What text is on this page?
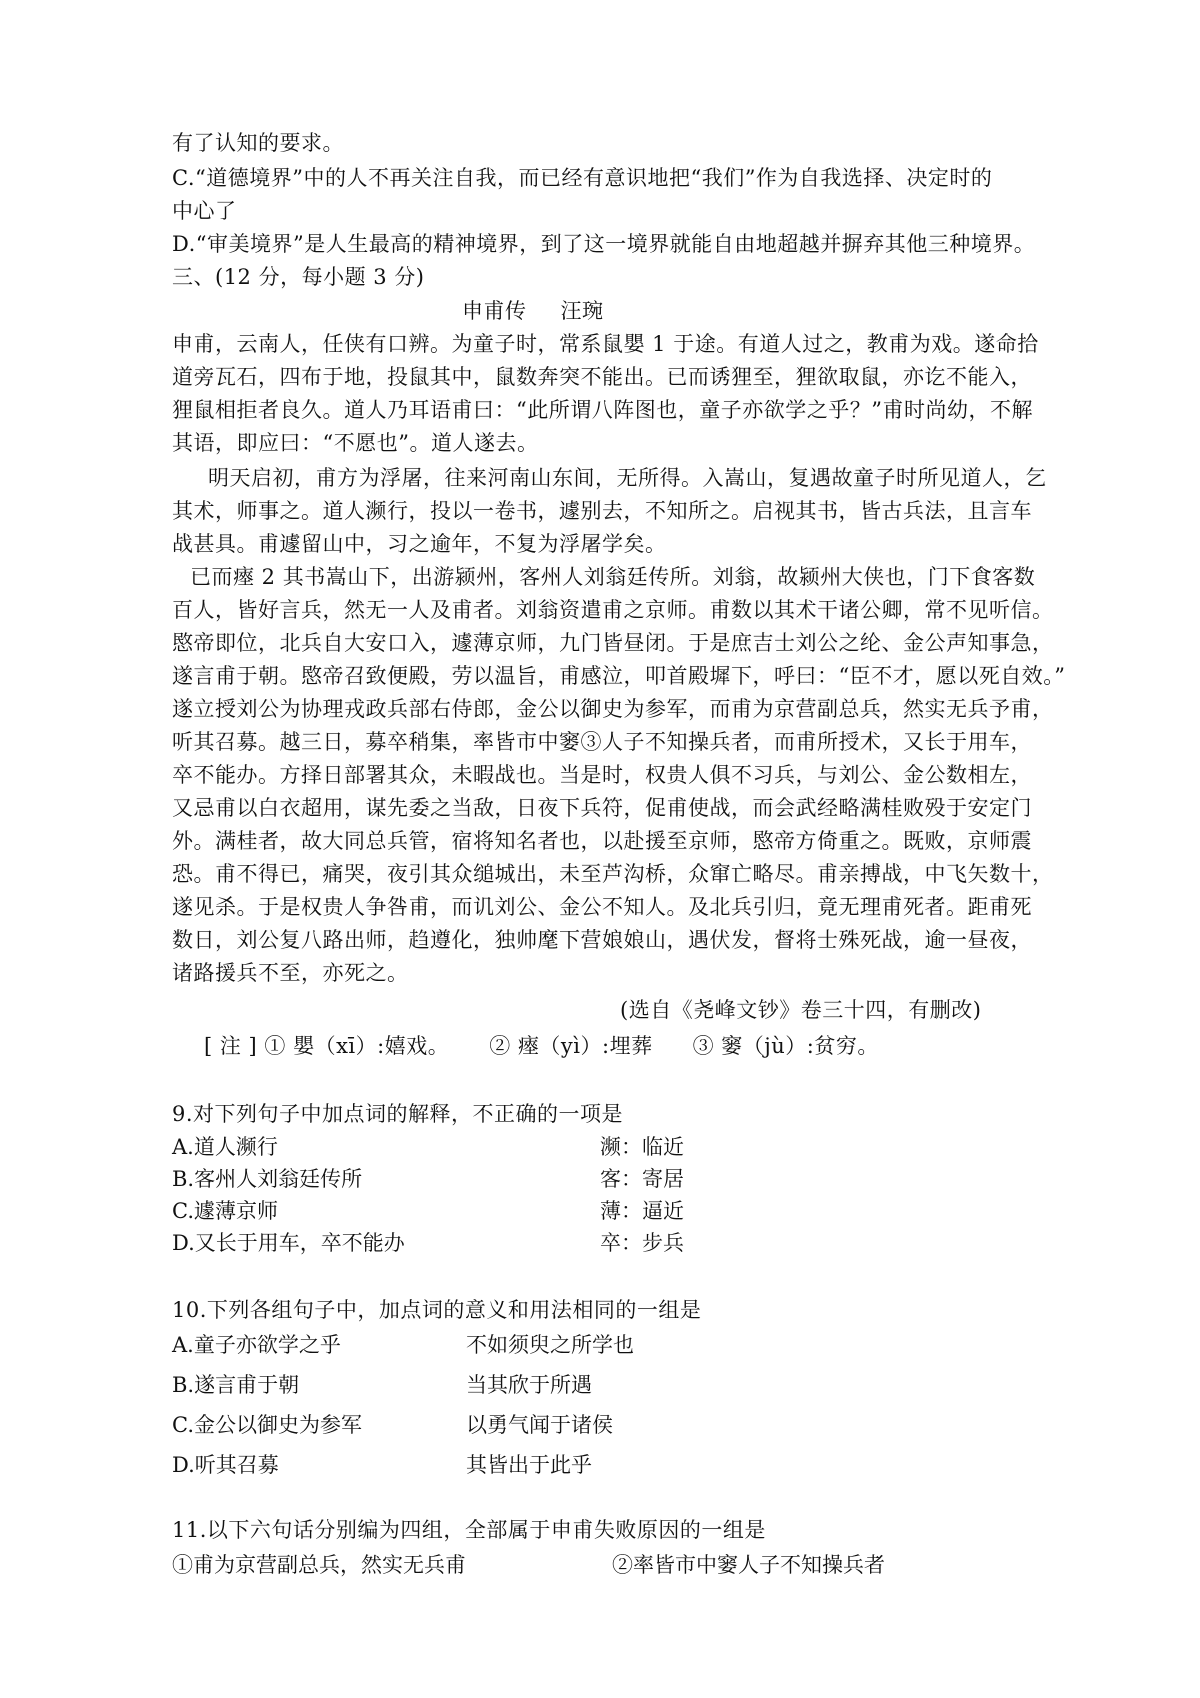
有了认知的要求。
C.“道德境界”中的人不再关注自我，而已经有意识地把“我们”作为自我选择、决定时的
中心了
D.“审美境界”是人生最高的精神境界，到了这一境界就能自由地超越并摒弃其他三种境界。
三、(12 分，每小题 3 分)
申甫传 汪琬
申甫，云南人，任侠有口辨。为童子时，常系鼠嬰 1 于途。有道人过之，教甫为戏。遂命拾
道旁瓦石，四布于地，投鼠其中，鼠数奔突不能出。已而诱狸至，狸欲取鼠，亦讫不能入，
狸鼠相拒者良久。道人乃耳语甫曰：“此所谓八阵图也，童子亦欲学之乎？”甫时尚幼，不解
其语，即应曰：“不愿也”。道人遂去。
明天启初，甫方为浮屠，往来河南山东间，无所得。入嵩山，复遇故童子时所见道人，乞
其术，师事之。道人濒行，投以一卷书，遽别去，不知所之。启视其书，皆古兵法，且言车
战甚具。甫遽留山中，习之逾年，不复为浮屠学矣。
已而瘞 2 其书嵩山下，出游颍州，客州人刘翁廷传所。刘翁，故颍州大侠也，门下食客数
百人，皆好言兵，然无一人及甫者。刘翁资遣甫之京师。甫数以其术干诸公卿，常不见听信。
愍帝即位，北兵自大安口入，遽薄京师，九门皆昼闭。于是庶吉士刘公之纶、金公声知事急，
遂言甫于朝。愍帝召致便殿，劳以温旨，甫感泣，叩首殿墀下，呼曰：“臣不才，愿以死自效。”
遂立授刘公为协理戎政兵部右侍郎，金公以御史为参军，而甫为京营副总兵，然实无兵予甫，
听其召募。越三日，募卒稍集，率皆市中窭③人子不知操兵者，而甫所授术，又长于用车，
卒不能办。方择日部署其众，未暇战也。当是时，权贵人俱不习兵，与刘公、金公数相左，
又忌甫以白衣超用，谋先委之当敌，日夜下兵符，促甫使战，而会武经略满桂败殁于安定门
外。满桂者，故大同总兵管，宿将知名者也，以赴援至京师，愍帝方倚重之。既败，京师震
恐。甫不得已，痛哭，夜引其众缒城出，未至芦沟桥，众窜亡略尽。甫亲搏战，中飞矢数十，
遂见杀。于是权贵人争咎甫，而讥刘公、金公不知人。及北兵引归，竟无理甫死者。距甫死
数日，刘公复八路出师，趋遵化，独帅麾下营娘娘山，遇伏发，督将士殊死战，逾一昼夜，
诸路援兵不至，亦死之。
(选自《尧峰文钞》卷三十四，有删改)
[ 注 ] ① 嬰（xī）:嬉戏。 ② 瘞（yì）:埋葬 ③ 窭（jù）:贫穷。
9.对下列句子中加点词的解释，不正确的一项是
A.道人濒行	濒：临近
B.客州人刘翁廷传所	客：寄居
C.遽薄京师	薄：逼近
D.又长于用车，卒不能办	卒：步兵
10.下列各组句子中，加点词的意义和用法相同的一组是
A.童子亦欲学之乎	不如须臾之所学也
B.遂言甫于朝	当其欣于所遇
C.金公以御史为参军	以勇气闻于诸侯
D.听其召募	其皆出于此乎
11.以下六句话分别编为四组，全部属于申甫失败原因的一组是
①甫为京营副总兵，然实无兵甫	②率皆市中窭人子不知操兵者
